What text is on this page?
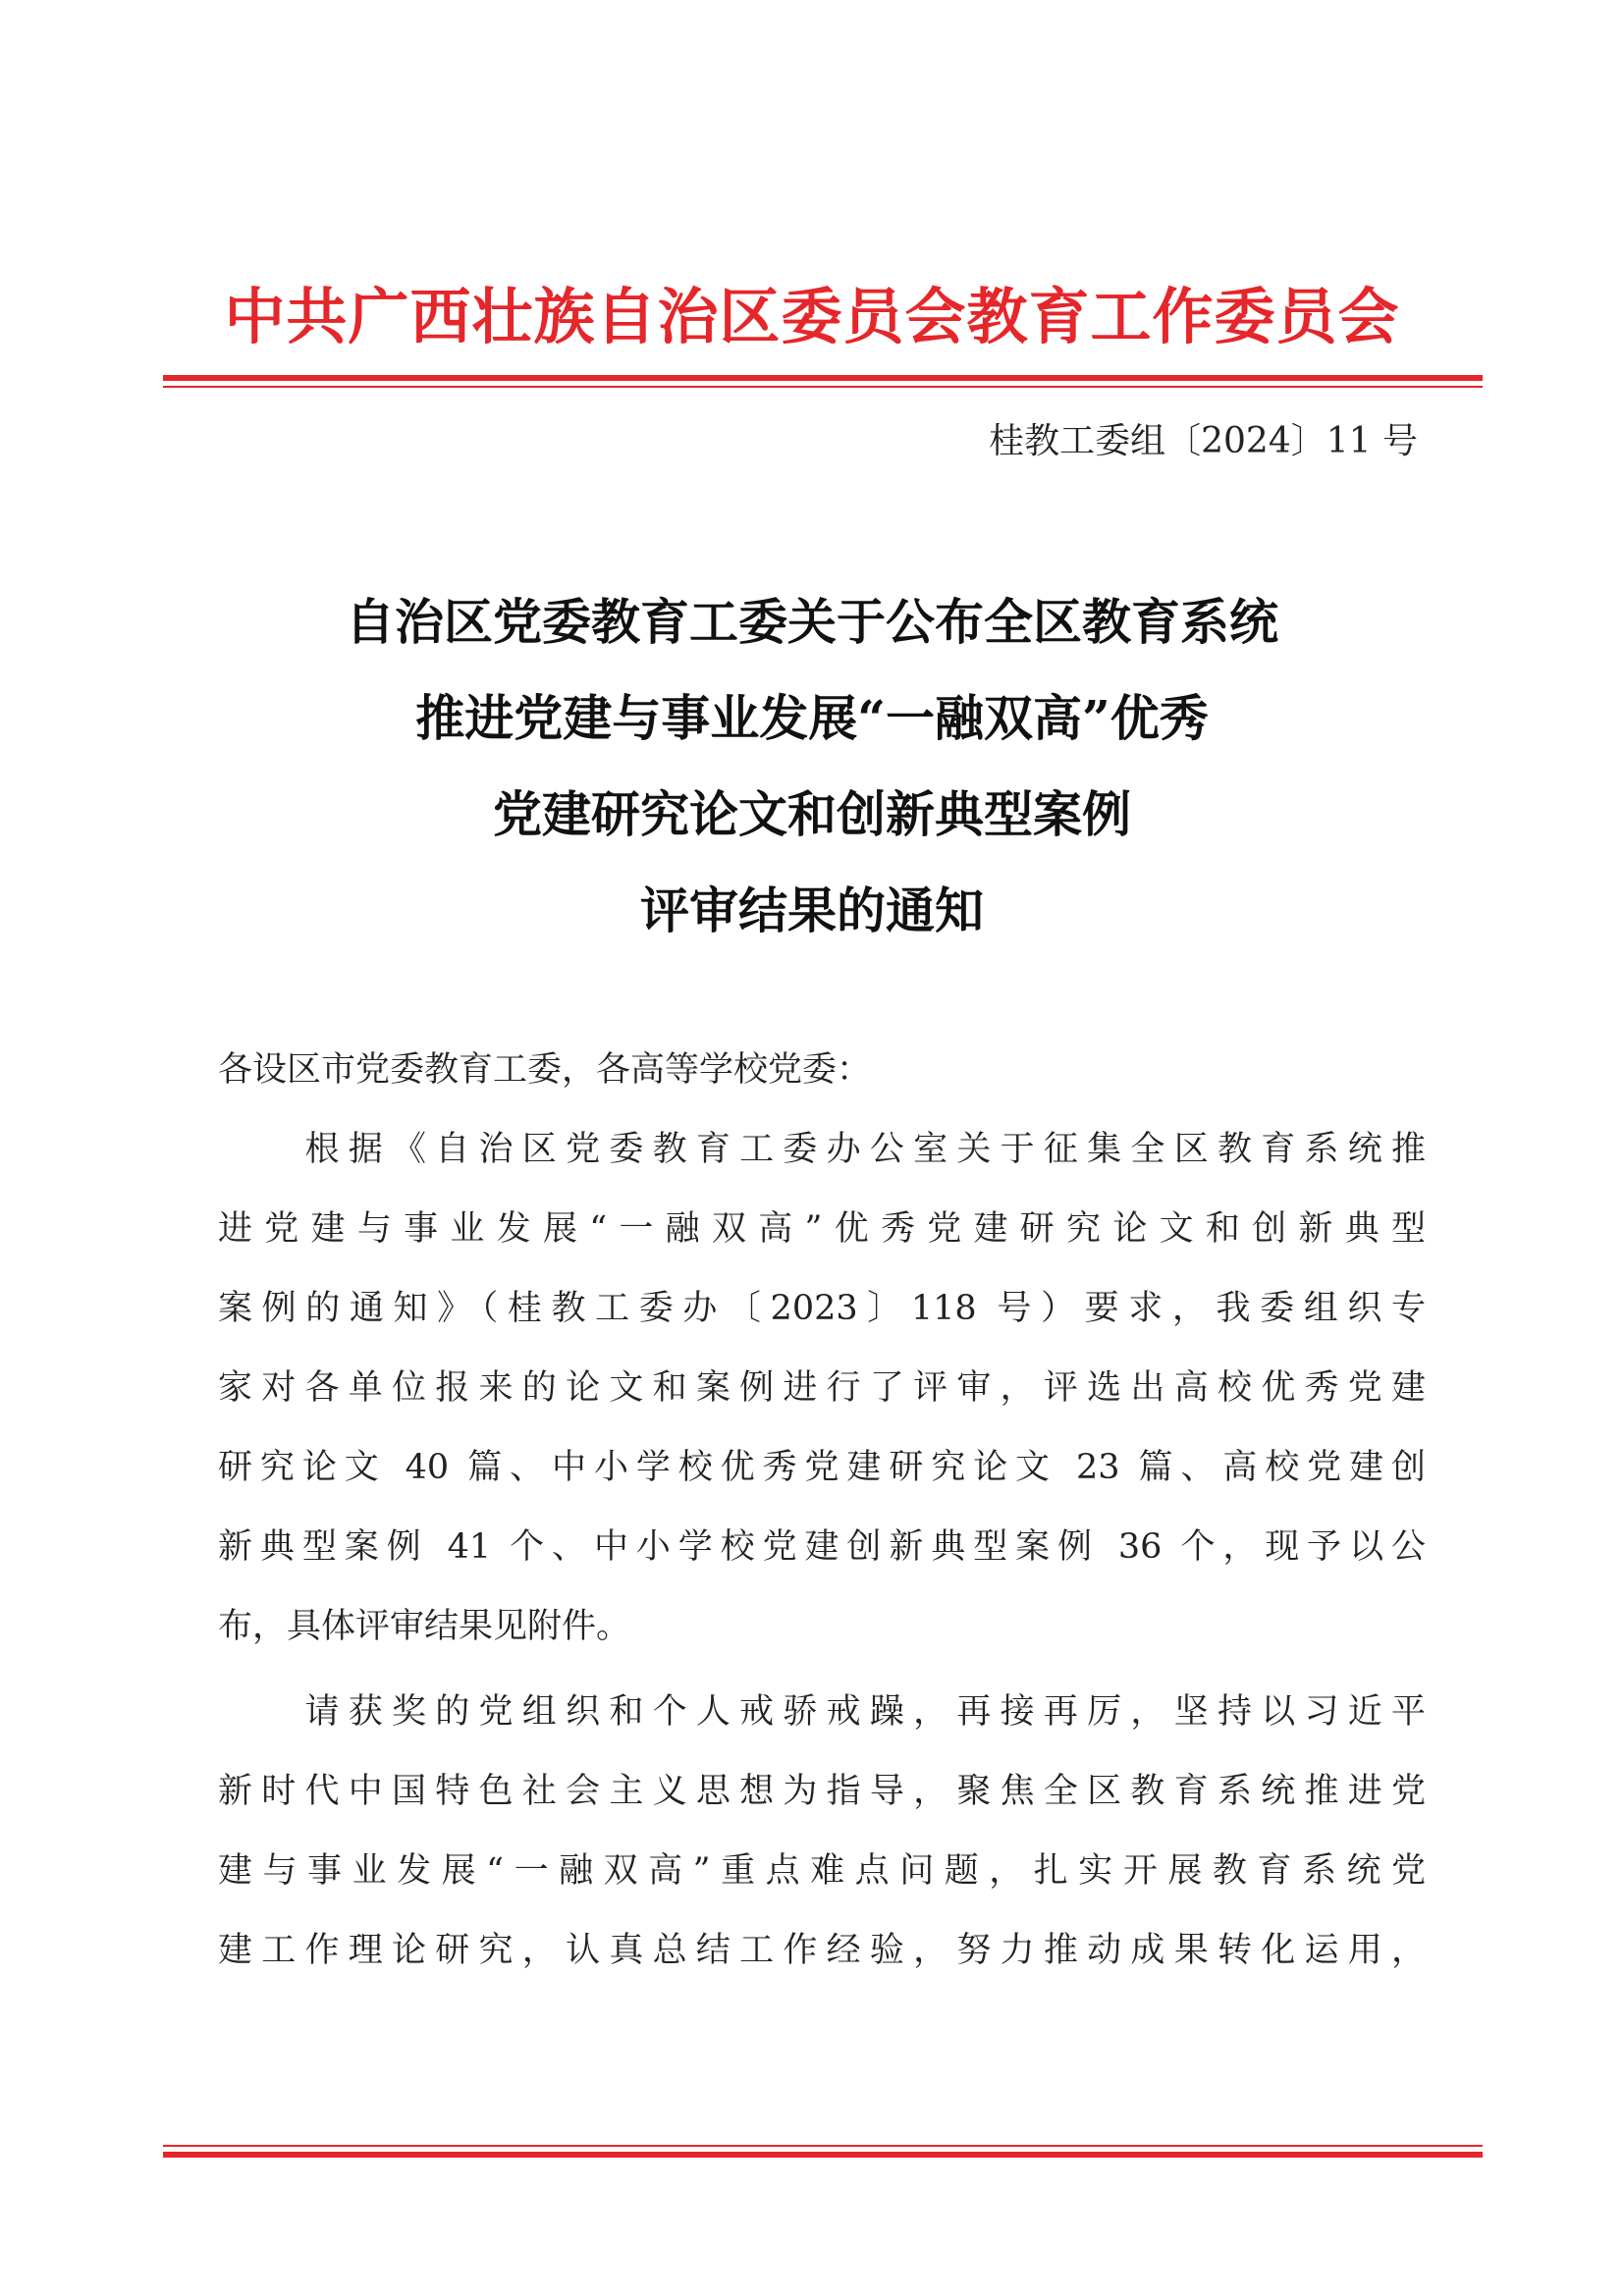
中共广西壮族自治区委员会教育工作委员会
桂教工委组〔2024〕11 号
自治区党委教育工委关于公布全区教育系统
推进党建与事业发展“一融双高”优秀
党建研究论文和创新典型案例
评审结果的通知
各设区市党委教育工委，各高等学校党委：
　　根据《自治区党委教育工委办公室关于征集全区教育系统推
进党建与事业发展“一融双高”优秀党建研究论文和创新典型
案例的通知》（桂教工委办〔2023〕118 号）要求，我委组织专
家对各单位报来的论文和案例进行了评审，评选出高校优秀党建
研究论文 40 篇、中小学校优秀党建研究论文 23 篇、高校党建创
新典型案例 41 个、中小学校党建创新典型案例 36 个，现予以公
布，具体评审结果见附件。
　　请获奖的党组织和个人戒骄戒躁，再接再厉，坚持以习近平
新时代中国特色社会主义思想为指导，聚焦全区教育系统推进党
建与事业发展“一融双高”重点难点问题，扎实开展教育系统党
建工作理论研究，认真总结工作经验，努力推动成果转化运用，
